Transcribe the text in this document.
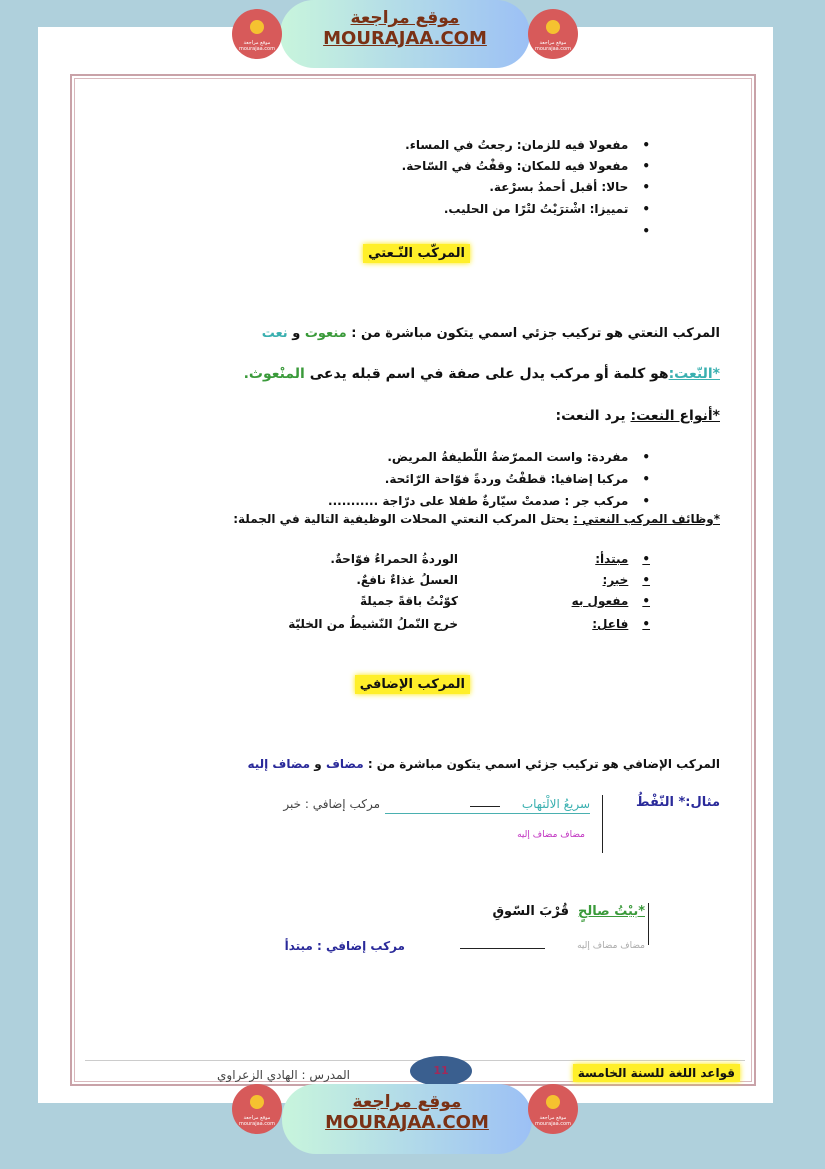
موقع مراجعة
MOURAJAA.COM
موقع مراجعة mourajaa.com
موقع مراجعة mourajaa.com
• مفعولا فيه للزمان: رجعتُ في المساء.
• مفعولا فيه للمكان: وقفْتُ في السّاحة.
• حالا: أقبل أحمدُ بسرْعة.
• تمييزا: اشْترَيْتُ لتْرًا من الحليب.
•
المركّب النّـعتي
المركب النعتي هو تركيب جزئي اسمي يتكون مباشرة من : منعوت و نعت
*النّعت:هو كلمة أو مركب يدل على صفة في اسم قبله يدعى المنْعوث.
*أنواع النعت: يرد النعت:
• مفردة: واست الممرّضةُ اللّطيفةُ المريض.
• مركبا إضافيا: قطفْتُ وردةً فوّاحة الرّائحة.
• مركب جر : صدمتْ سيّارةٌ طفلا على درّاجة ...........
*وظائف المركب النعتي : يحتل المركب النعتي المحلات الوظيفية التالية في الجملة:
• مبتدأ:
• خبر:
• مفعول به
• فاعل:
الوردةُ الحمراءُ فوّاحةٌ.
العسلُ غذاءٌ نافعٌ.
كوّنْتُ باقةً جميلةً
خرج النّملُ النّشيطُ من الخليّة
المركب الإضافي
المركب الإضافي هو تركيب جزئي اسمي يتكون مباشرة من : مضاف و مضاف إليه
مثال:* النّفْطُ
سريعُ الالْتهاب
مركب إضافي : خبر
مضاف مضاف إليه
*بيْتُ صالحٍ  قُرْبَ السّوقِ
مضاف مضاف إليه
مركب إضافي : مبتدأ
قواعد اللغة للسنة الخامسة
11
المدرس : الهادي الزعراوي
موقع مراجعة
MOURAJAA.COM
موقع مراجعة mourajaa.com
موقع مراجعة mourajaa.com
